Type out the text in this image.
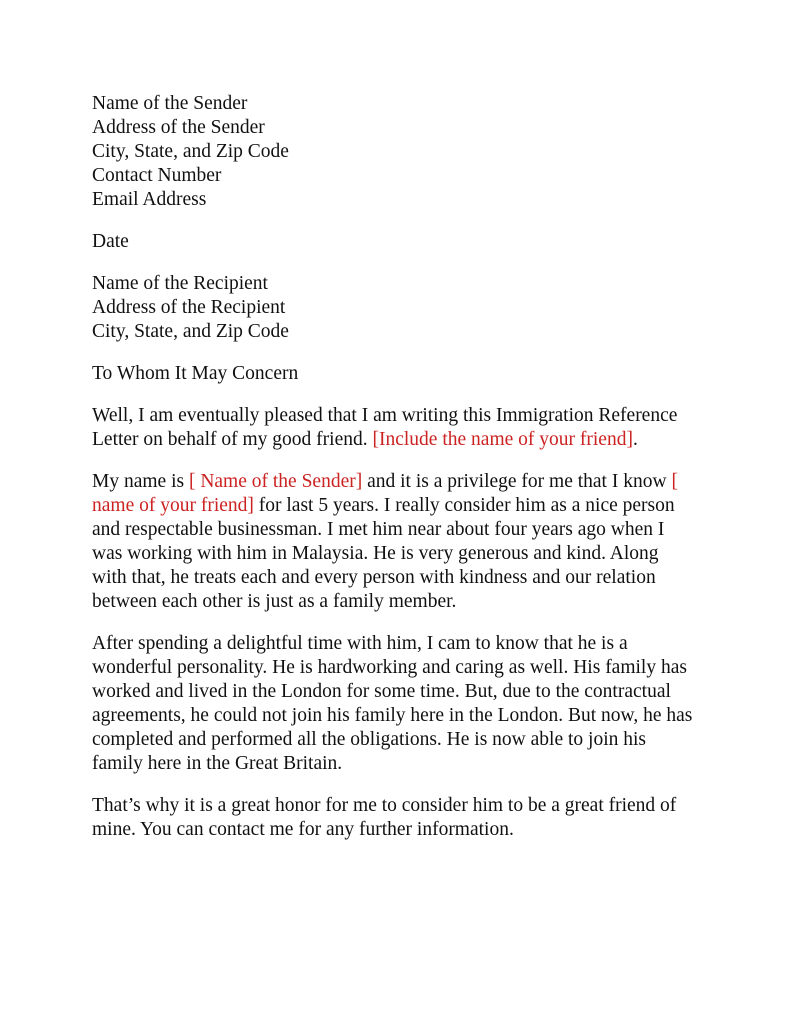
Name of the Sender
Address of the Sender
City, State, and Zip Code
Contact Number
Email Address
Date
Name of the Recipient
Address of the Recipient
City, State, and Zip Code

To Whom It May Concern

Well, I am eventually pleased that I am writing this Immigration Reference Letter on behalf of my good friend. [Include the name of your friend].

My name is [ Name of the Sender] and it is a privilege for me that I know [ name of your friend] for last 5 years. I really consider him as a nice person and respectable businessman. I met him near about four years ago when I was working with him in Malaysia. He is very generous and kind. Along with that, he treats each and every person with kindness and our relation between each other is just as a family member.

After spending a delightful time with him, I cam to know that he is a wonderful personality. He is hardworking and caring as well. His family has worked and lived in the London for some time. But, due to the contractual agreements, he could not join his family here in the London. But now, he has completed and performed all the obligations. He is now able to join his family here in the Great Britain.

That’s why it is a great honor for me to consider him to be a great friend of mine. You can contact me for any further information.
